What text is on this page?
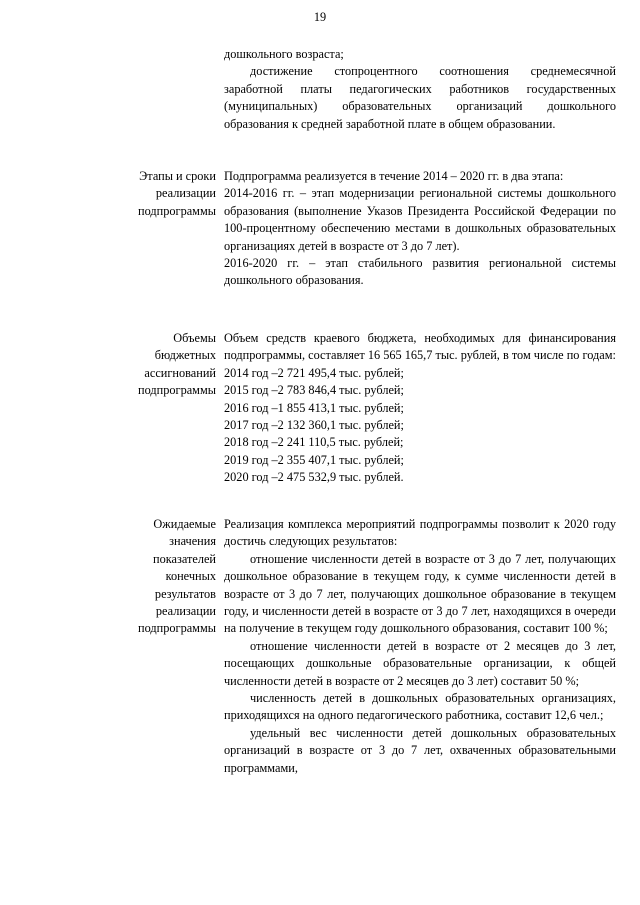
19

дошкольного возраста;

достижение стопроцентного соотношения среднемесячной заработной платы педагогических работников государственных (муниципальных) образовательных организаций дошкольного образования к средней заработной плате в общем образовании.

Этапы и сроки реализации подпрограммы

Подпрограмма реализуется в течение 2014 – 2020 гг. в два этапа:

2014-2016 гг. – этап модернизации региональной системы дошкольного образования (выполнение Указов Президента Российской Федерации по 100-процентному обеспечению местами в дошкольных образовательных организациях детей в возрасте от 3 до 7 лет).

2016-2020 гг. – этап стабильного развития региональной системы дошкольного образования.

Объемы бюджетных ассигнований подпрограммы

Объем средств краевого бюджета, необходимых для финансирования подпрограммы, составляет 16 565 165,7 тыс. рублей, в том числе по годам:

2014 год –2 721 495,4 тыс. рублей;

2015 год –2 783 846,4 тыс. рублей;

2016 год –1 855 413,1 тыс. рублей;

2017 год –2 132 360,1 тыс. рублей;

2018 год –2 241 110,5 тыс. рублей;

2019 год –2 355 407,1 тыс. рублей;

2020 год –2 475 532,9 тыс. рублей.

Ожидаемые значения показателей конечных результатов реализации подпрограммы

Реализация комплекса мероприятий подпрограммы позволит к 2020 году достичь следующих результатов:

отношение численности детей в возрасте от 3 до 7 лет, получающих дошкольное образование в текущем году, к сумме численности детей в возрасте от 3 до 7 лет, получающих дошкольное образование в текущем году, и численности детей в возрасте от 3 до 7 лет, находящихся в очереди на получение в текущем году дошкольного образования, составит 100 %;

отношение численности детей в возрасте от 2 месяцев до 3 лет, посещающих дошкольные образовательные организации, к общей численности детей в возрасте от 2 месяцев до 3 лет) составит 50 %;

численность детей в дошкольных образовательных организациях, приходящихся на одного педагогического работника, составит 12,6 чел.;

удельный вес численности детей дошкольных образовательных организаций в возрасте от 3 до 7 лет, охваченных образовательными программами,
